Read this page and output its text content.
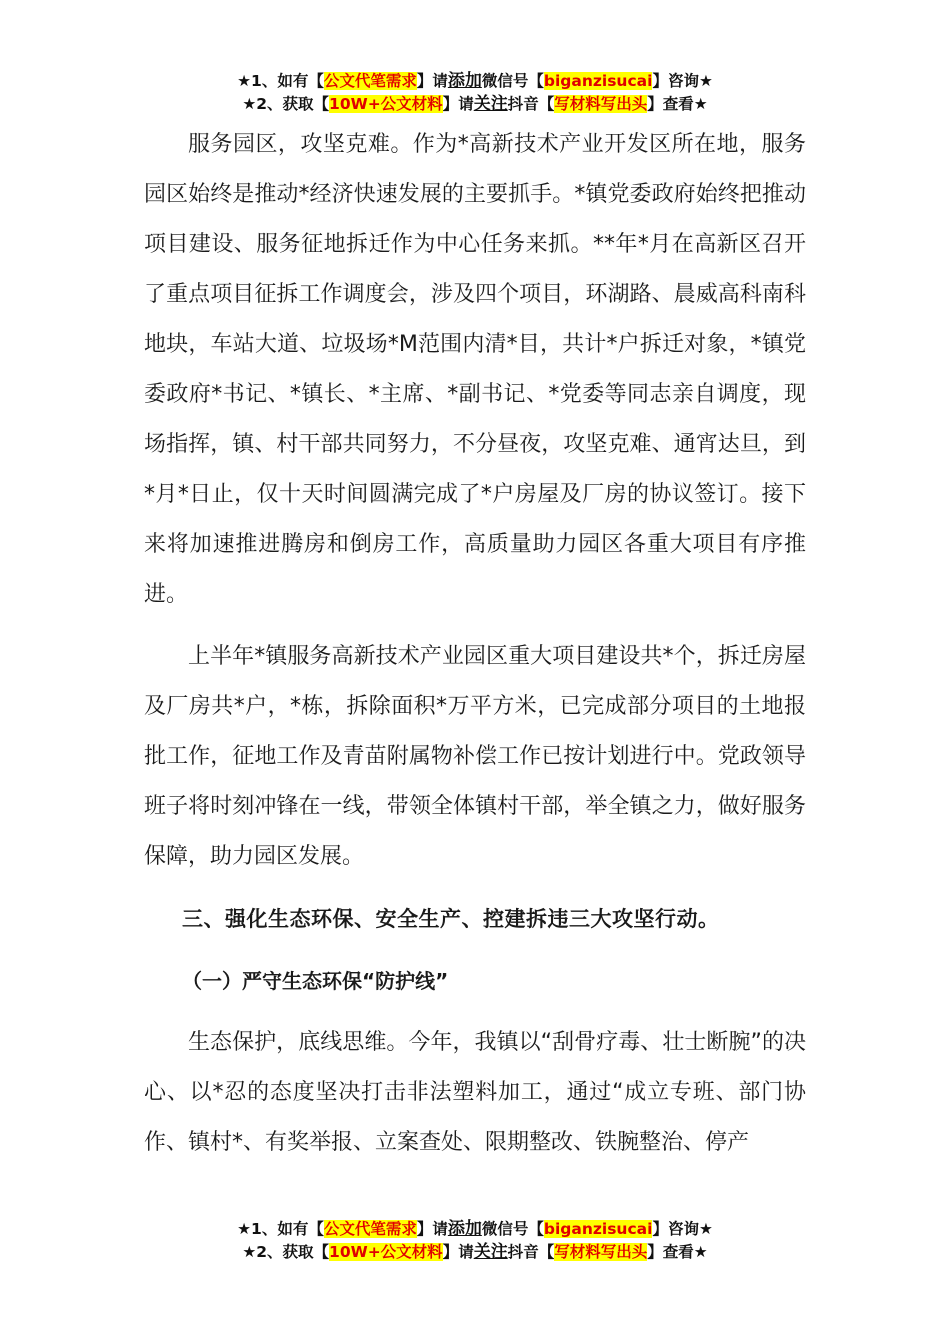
★1、如有【公文代笔需求】请添加微信号【biganzisucai】咨询★
★2、获取【10W+公文材料】请关注抖音【写材料写出头】查看★

服务园区，攻坚克难。作为*高新技术产业开发区所在地，服务园区始终是推动*经济快速发展的主要抓手。*镇党委政府始终把推动项目建设、服务征地拆迁作为中心任务来抓。**年*月在高新区召开了重点项目征拆工作调度会，涉及四个项目，环湖路、晨威高科南科地块，车站大道、垃圾场*M范围内清*目，共计*户拆迁对象，*镇党委政府*书记、*镇长、*主席、*副书记、*党委等同志亲自调度，现场指挥，镇、村干部共同努力，不分昼夜，攻坚克难、通宵达旦，到*月*日止，仅十天时间圆满完成了*户房屋及厂房的协议签订。接下来将加速推进腾房和倒房工作，高质量助力园区各重大项目有序推进。

上半年*镇服务高新技术产业园区重大项目建设共*个，拆迁房屋及厂房共*户，*栋，拆除面积*万平方米，已完成部分项目的土地报批工作，征地工作及青苗附属物补偿工作已按计划进行中。党政领导班子将时刻冲锋在一线，带领全体镇村干部，举全镇之力，做好服务保障，助力园区发展。

三、强化生态环保、安全生产、控建拆违三大攻坚行动。

（一）严守生态环保“防护线”

生态保护，底线思维。今年，我镇以“刮骨疗毒、壮士断腕”的决心、以*忍的态度坚决打击非法塑料加工，通过“成立专班、部门协作、镇村*、有奖举报、立案查处、限期整改、铁腕整治、停产

★1、如有【公文代笔需求】请添加微信号【biganzisucai】咨询★
★2、获取【10W+公文材料】请关注抖音【写材料写出头】查看★
